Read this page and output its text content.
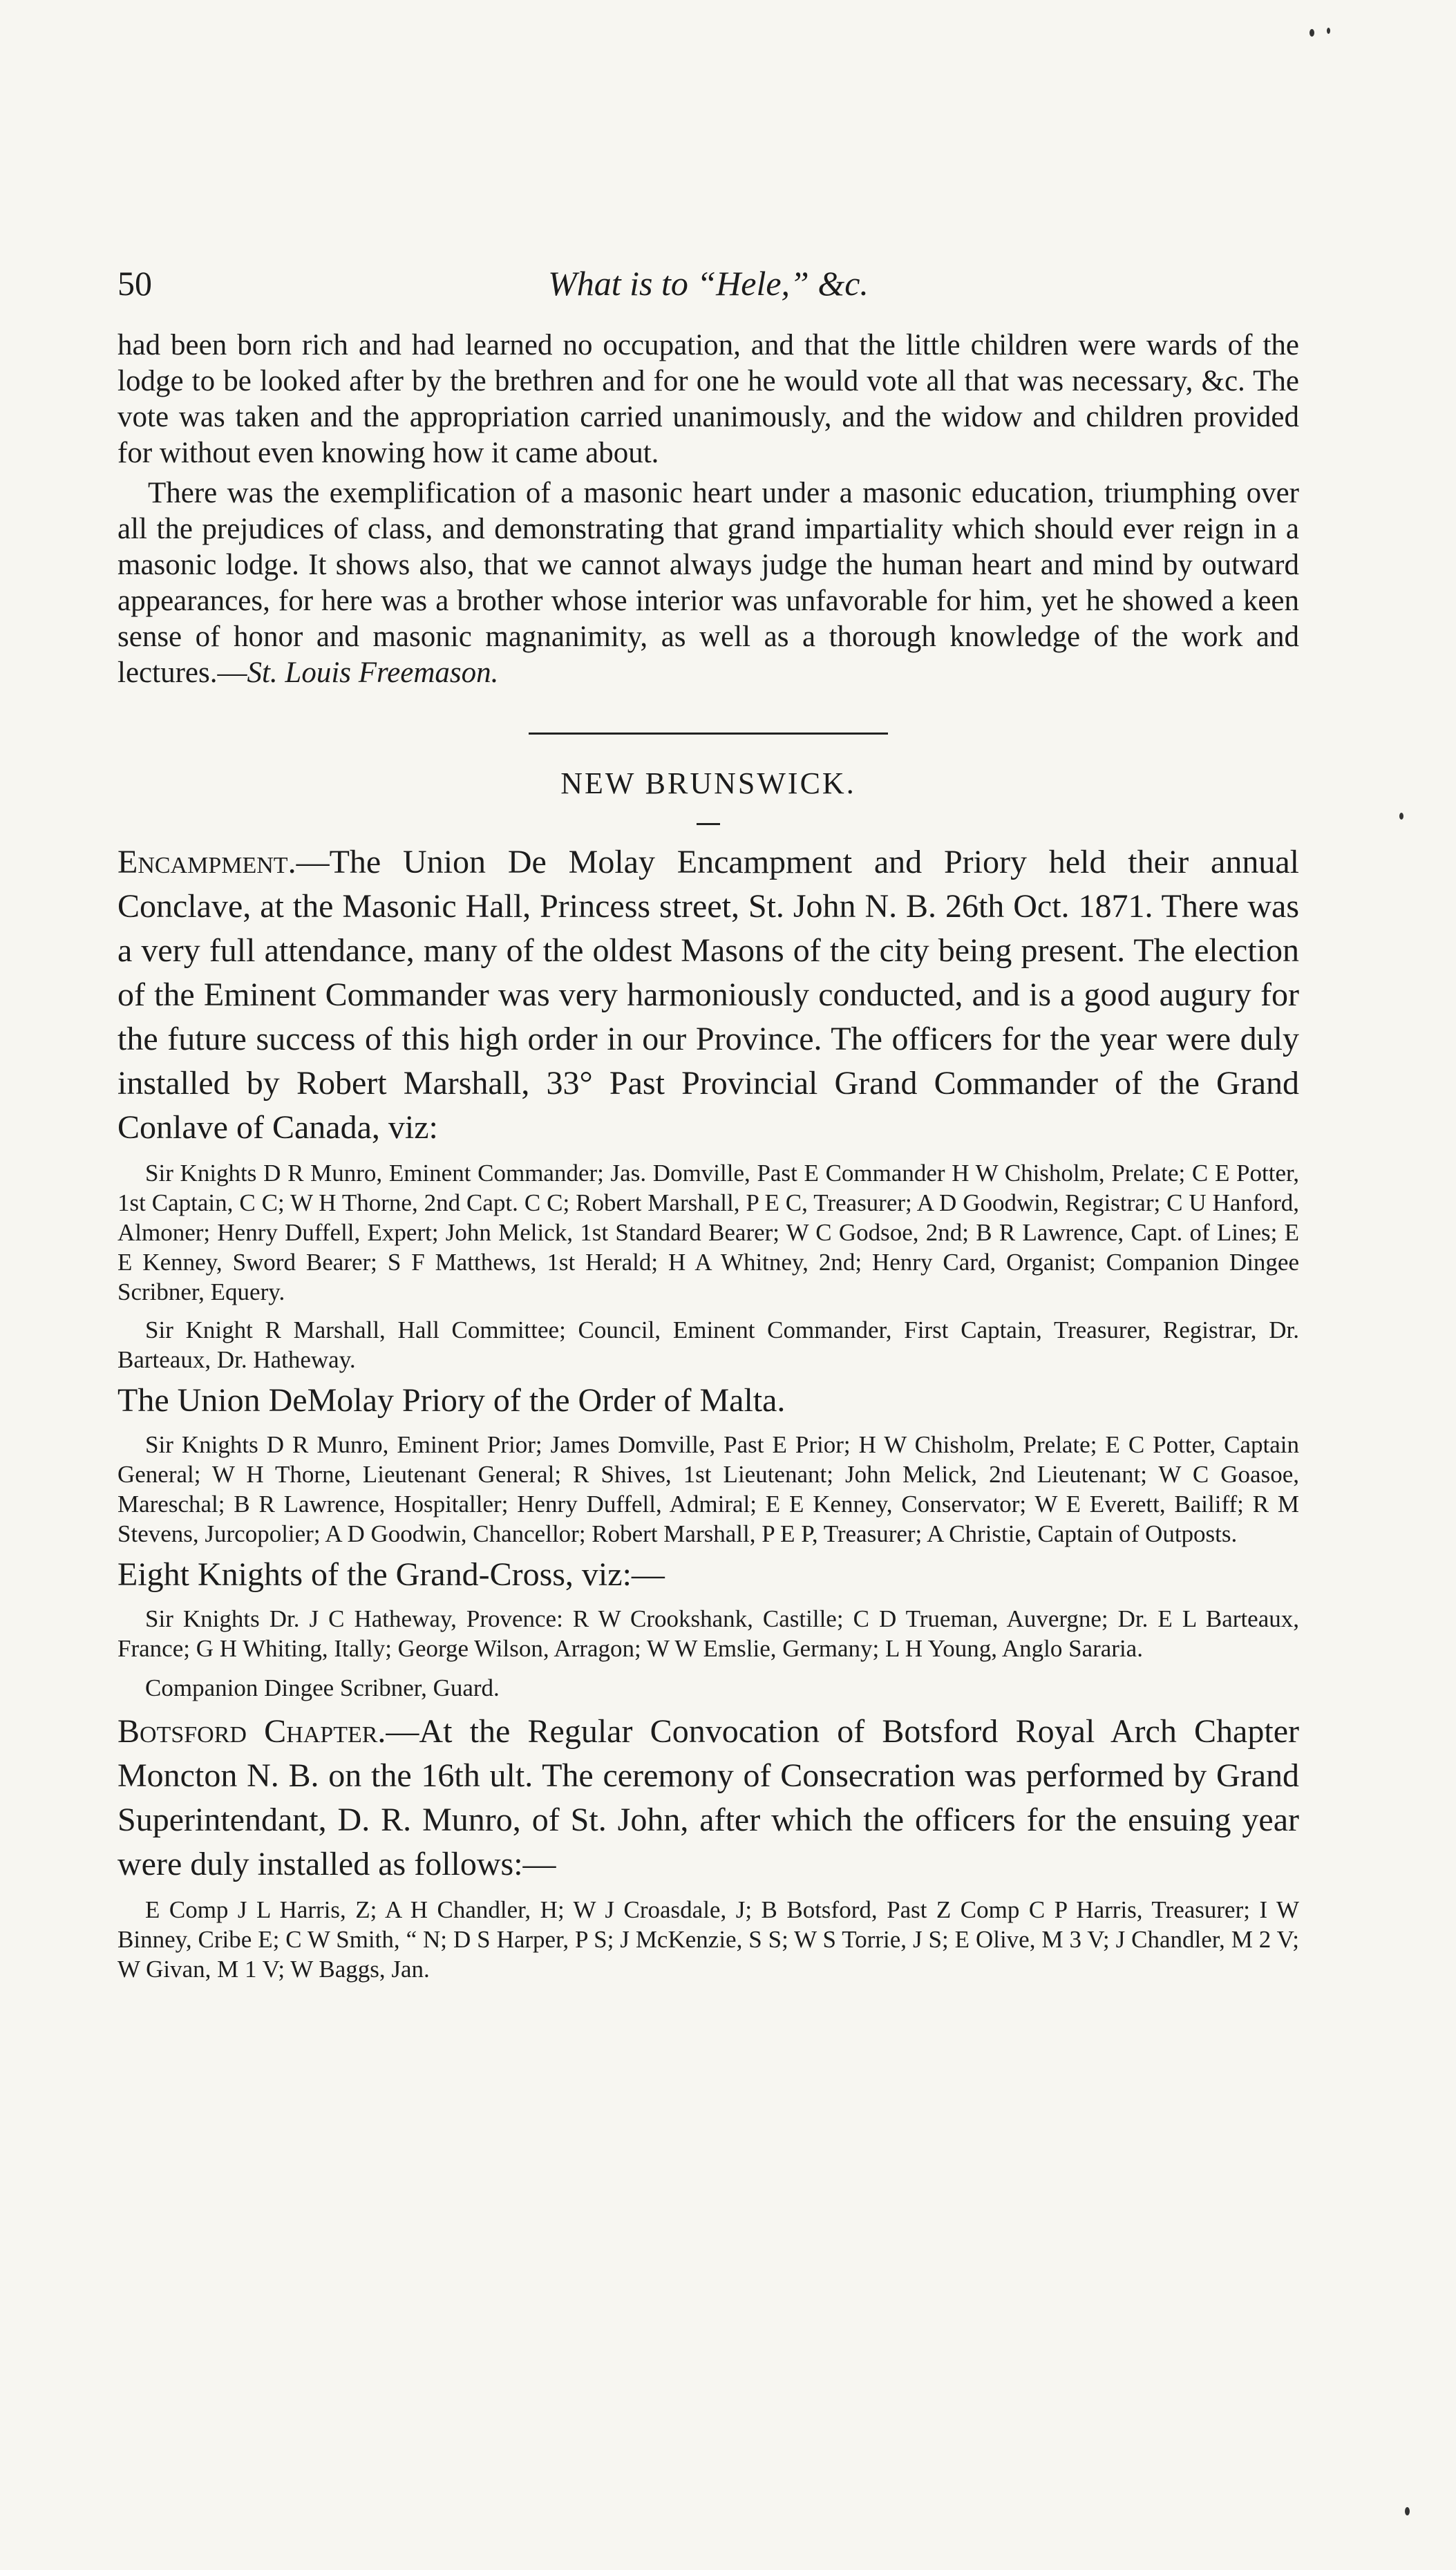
50	What is to “Hele,” &c.

had been born rich and had learned no occupation, and that the little children were wards of the lodge to be looked after by the brethren and for one he would vote all that was necessary, &c. The vote was taken and the appropriation carried unanimously, and the widow and children provided for without even knowing how it came about.

There was the exemplification of a masonic heart under a masonic education, triumphing over all the prejudices of class, and demonstrating that grand impartiality which should ever reign in a masonic lodge. It shows also, that we cannot always judge the human heart and mind by outward appearances, for here was a brother whose interior was unfavorable for him, yet he showed a keen sense of honor and masonic magnanimity, as well as a thorough knowledge of the work and lectures.—St. Louis Freemason.

NEW BRUNSWICK.

Encampment.—The Union De Molay Encampment and Priory held their annual Conclave, at the Masonic Hall, Princess street, St. John N. B. 26th Oct. 1871. There was a very full attendance, many of the oldest Masons of the city being present. The election of the Eminent Commander was very harmoniously conducted, and is a good augury for the future success of this high order in our Province. The officers for the year were duly installed by Robert Marshall, 33° Past Provincial Grand Commander of the Grand Conlave of Canada, viz:

Sir Knights D R Munro, Eminent Commander; Jas. Domville, Past E Commander H W Chisholm, Prelate; C E Potter, 1st Captain, C C; W H Thorne, 2nd Capt. C C; Robert Marshall, P E C, Treasurer; A D Goodwin, Registrar; C U Hanford, Almoner; Henry Duffell, Expert; John Melick, 1st Standard Bearer; W C Godsoe, 2nd; B R Lawrence, Capt. of Lines; E E Kenney, Sword Bearer; S F Matthews, 1st Herald; H A Whitney, 2nd; Henry Card, Organist; Companion Dingee Scribner, Equery.

Sir Knight R Marshall, Hall Committee; Council, Eminent Commander, First Captain, Treasurer, Registrar, Dr. Barteaux, Dr. Hatheway.

The Union DeMolay Priory of the Order of Malta.

Sir Knights D R Munro, Eminent Prior; James Domville, Past E Prior; H W Chisholm, Prelate; E C Potter, Captain General; W H Thorne, Lieutenant General; R Shives, 1st Lieutenant; John Melick, 2nd Lieutenant; W C Goasoe, Mareschal; B R Lawrence, Hospitaller; Henry Duffell, Admiral; E E Kenney, Conservator; W E Everett, Bailiff; R M Stevens, Jurcopolier; A D Goodwin, Chancellor; Robert Marshall, P E P, Treasurer; A Christie, Captain of Outposts.

Eight Knights of the Grand-Cross, viz:—

Sir Knights Dr. J C Hatheway, Provence: R W Crookshank, Castille; C D Trueman, Auvergne; Dr. E L Barteaux, France; G H Whiting, Itally; George Wilson, Arragon; W W Emslie, Germany; L H Young, Anglo Sararia.

Companion Dingee Scribner, Guard.

Botsford Chapter.—At the Regular Convocation of Botsford Royal Arch Chapter Moncton N. B. on the 16th ult. The ceremony of Consecration was performed by Grand Superintendant, D. R. Munro, of St. John, after which the officers for the ensuing year were duly installed as follows:—

E Comp J L Harris, Z; A H Chandler, H; W J Croasdale, J; B Botsford, Past Z Comp C P Harris, Treasurer; I W Binney, Cribe E; C W Smith, “ N; D S Harper, P S; J McKenzie, S S; W S Torrie, J S; E Olive, M 3 V; J Chandler, M 2 V; W Givan, M 1 V; W Baggs, Jan.
